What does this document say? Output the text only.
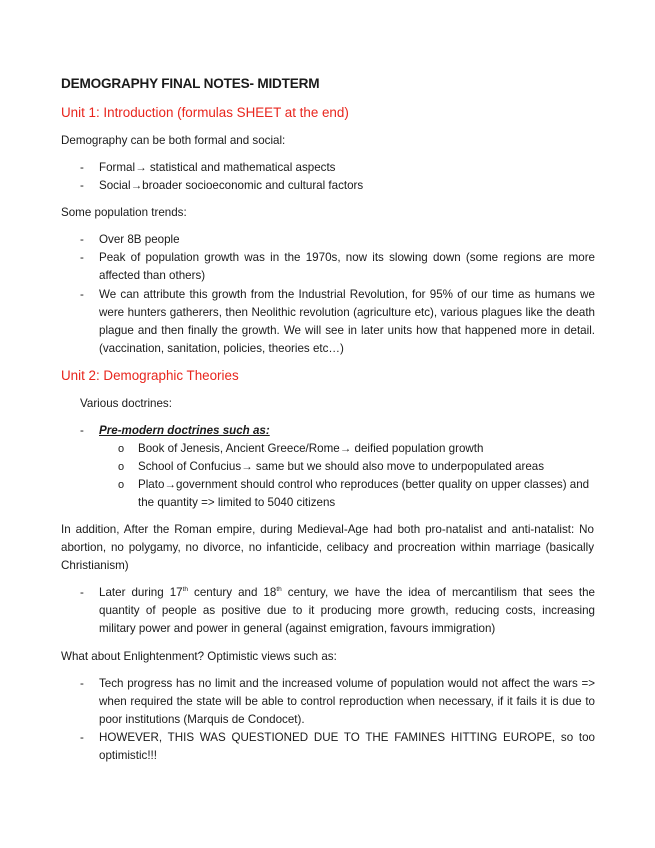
DEMOGRAPHY FINAL NOTES- MIDTERM
Unit 1: Introduction (formulas SHEET at the end)
Demography can be both formal and social:
- Formal→ statistical and mathematical aspects
- Social→broader socioeconomic and cultural factors
Some population trends:
- Over 8B people
- Peak of population growth was in the 1970s, now its slowing down (some regions are more affected than others)
- We can attribute this growth from the Industrial Revolution, for 95% of our time as humans we were hunters gatherers, then Neolithic revolution (agriculture etc), various plagues like the death plague and then finally the growth. We will see in later units how that happened more in detail. (vaccination, sanitation, policies, theories etc…)
Unit 2: Demographic Theories
Various doctrines:
- Pre-modern doctrines such as:
o Book of Jenesis, Ancient Greece/Rome→ deified population growth
o School of Confucius→ same but we should also move to underpopulated areas
o Plato→government should control who reproduces (better quality on upper classes) and the quantity => limited to 5040 citizens
In addition, After the Roman empire, during Medieval-Age had both pro-natalist and anti-natalist: No abortion, no polygamy, no divorce, no infanticide, celibacy and procreation within marriage (basically Christianism)
- Later during 17th century and 18th century, we have the idea of mercantilism that sees the quantity of people as positive due to it producing more growth, reducing costs, increasing military power and power in general (against emigration, favours immigration)
What about Enlightenment? Optimistic views such as:
- Tech progress has no limit and the increased volume of population would not affect the wars => when required the state will be able to control reproduction when necessary, if it fails it is due to poor institutions (Marquis de Condocet).
- HOWEVER, THIS WAS QUESTIONED DUE TO THE FAMINES HITTING EUROPE, so too optimistic!!!
